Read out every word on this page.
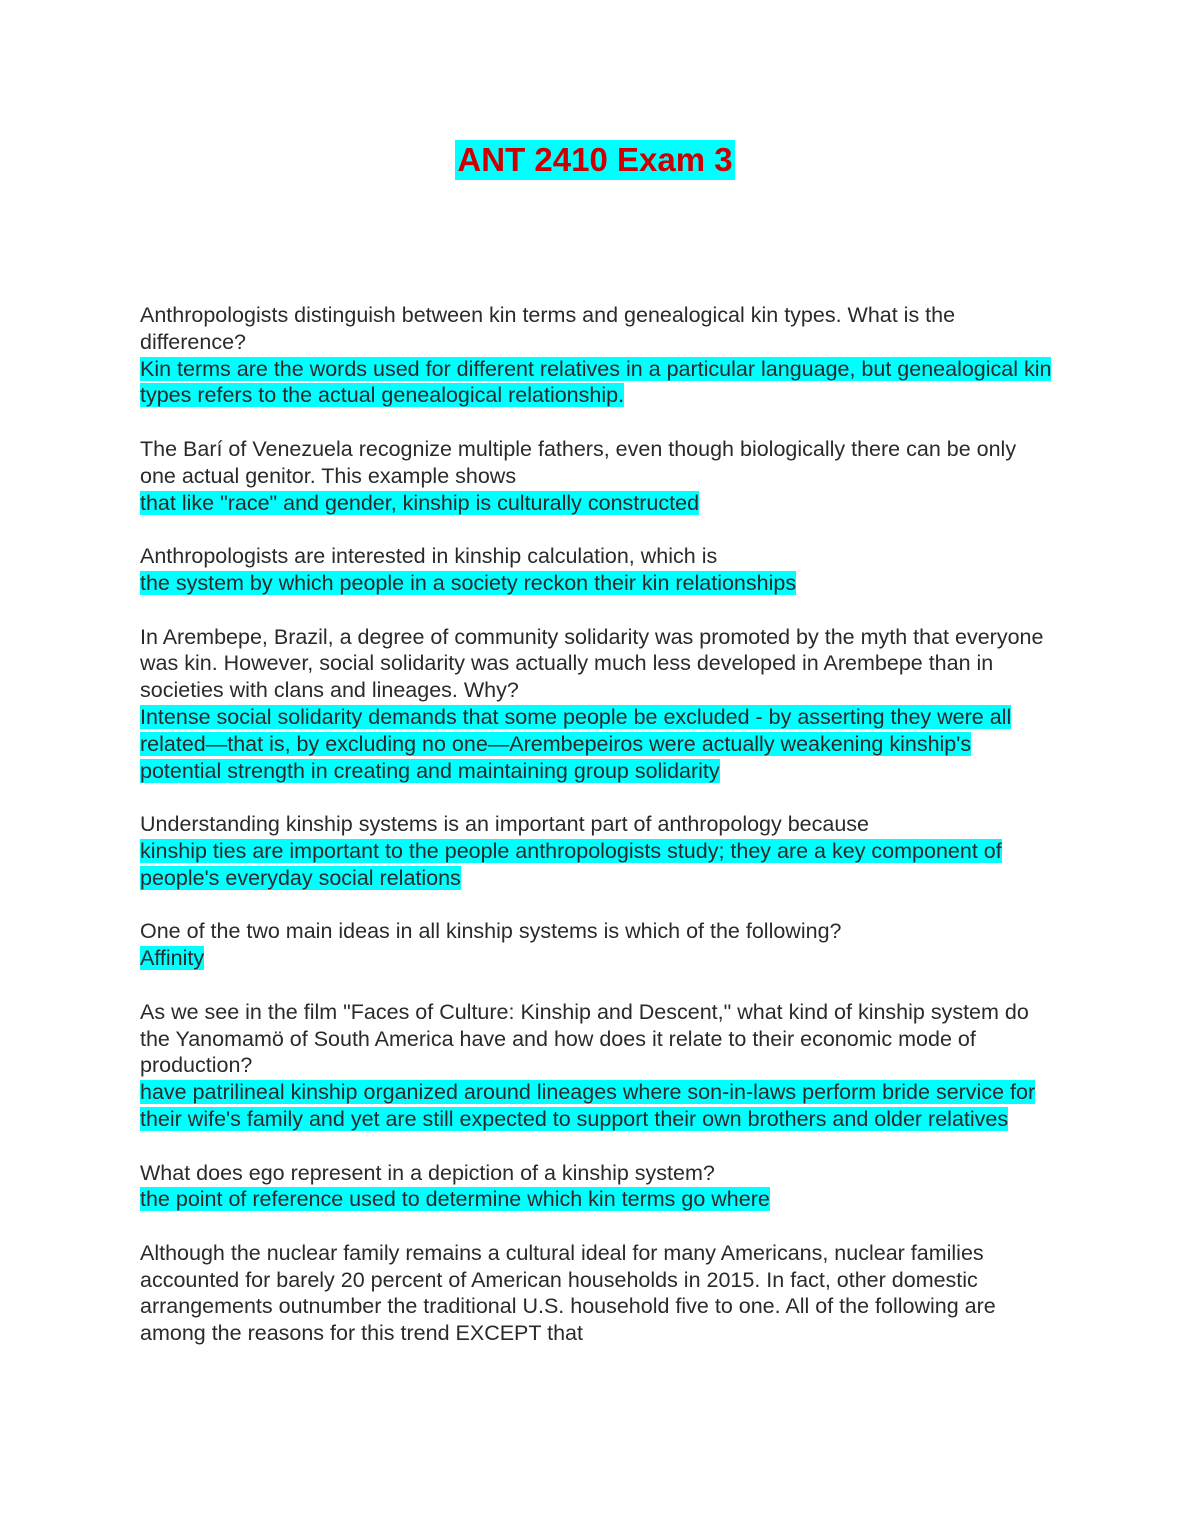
ANT 2410 Exam 3

Anthropologists distinguish between kin terms and genealogical kin types. What is the difference?

Kin terms are the words used for different relatives in a particular language, but genealogical kin types refers to the actual genealogical relationship.

The Barí of Venezuela recognize multiple fathers, even though biologically there can be only one actual genitor. This example shows

that like "race" and gender, kinship is culturally constructed

Anthropologists are interested in kinship calculation, which is

the system by which people in a society reckon their kin relationships

In Arembepe, Brazil, a degree of community solidarity was promoted by the myth that everyone was kin. However, social solidarity was actually much less developed in Arembepe than in societies with clans and lineages. Why?

Intense social solidarity demands that some people be excluded - by asserting they were all related—that is, by excluding no one—Arembepeiros were actually weakening kinship's potential strength in creating and maintaining group solidarity

Understanding kinship systems is an important part of anthropology because

kinship ties are important to the people anthropologists study; they are a key component of people's everyday social relations

One of the two main ideas in all kinship systems is which of the following?

Affinity

As we see in the film "Faces of Culture: Kinship and Descent," what kind of kinship system do the Yanomamö of South America have and how does it relate to their economic mode of production?

have patrilineal kinship organized around lineages where son-in-laws perform bride service for their wife's family and yet are still expected to support their own brothers and older relatives

What does ego represent in a depiction of a kinship system?

the point of reference used to determine which kin terms go where

Although the nuclear family remains a cultural ideal for many Americans, nuclear families accounted for barely 20 percent of American households in 2015. In fact, other domestic arrangements outnumber the traditional U.S. household five to one. All of the following are among the reasons for this trend EXCEPT that
